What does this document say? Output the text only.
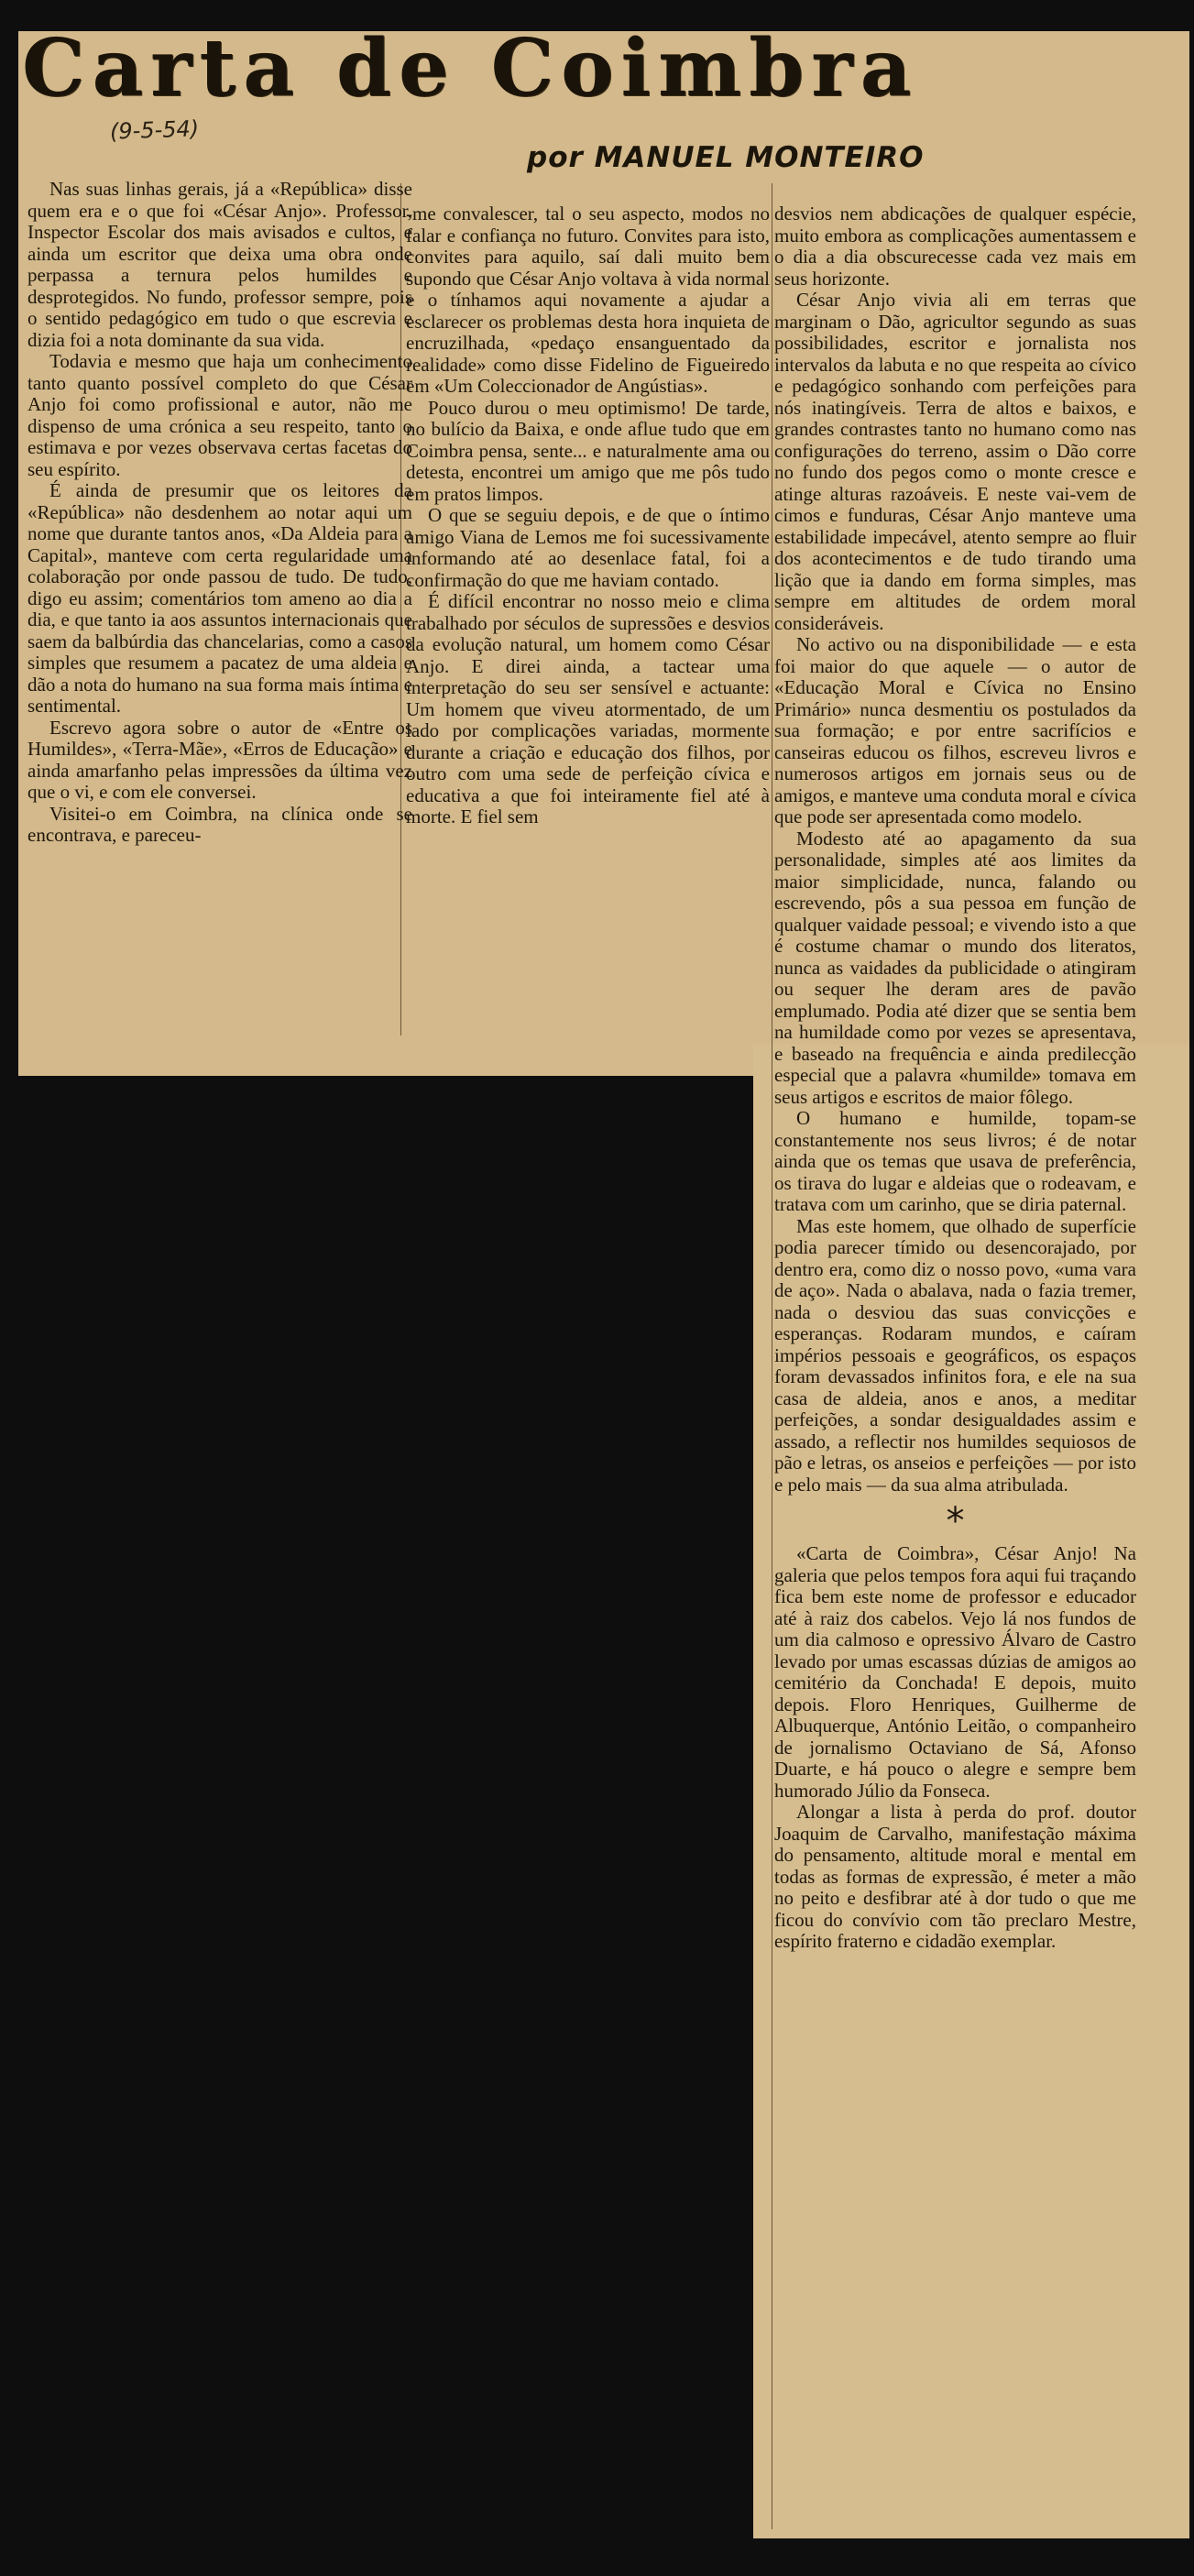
Carta de Coimbra
(9-5-54)
por MANUEL MONTEIRO

Nas suas linhas gerais, já a «República» disse quem era e o que foi «César Anjo». Professor, Inspector Escolar dos mais avisados e cultos, e ainda um escritor que deixa uma obra onde perpassa a ternura pelos humildes e desprotegidos. No fundo, professor sempre, pois o sentido pedagógico em tudo o que escrevia e dizia foi a nota dominante da sua vida.

Todavia e mesmo que haja um conhecimento tanto quanto possível completo do que César Anjo foi como profissional e autor, não me dispenso de uma crónica a seu respeito, tanto o estimava e por vezes observava certas facetas do seu espírito.

É ainda de presumir que os leitores da «República» não desdenhem ao notar aqui um nome que durante tantos anos, «Da Aldeia para a Capital», manteve com certa regularidade uma colaboração por onde passou de tudo. De tudo, digo eu assim; comentários tom ameno ao dia a dia, e que tanto ia aos assuntos internacionais que saem da balbúrdia das chancelarias, como a casos simples que resumem a pacatez de uma aldeia e dão a nota do humano na sua forma mais íntima e sentimental.

Escrevo agora sobre o autor de «Entre os Humildes», «Terra-Mãe», «Erros de Educação» e ainda amarfanho pelas impressões da última vez que o vi, e com ele conversei.

Visitei-o em Coimbra, na clínica onde se encontrava, e pareceu-

-me convalescer, tal o seu aspecto, modos no falar e confiança no futuro. Convites para isto, convites para aquilo, saí dali muito bem supondo que César Anjo voltava à vida normal e o tínhamos aqui novamente a ajudar a esclarecer os problemas desta hora inquieta de encruzilhada, «pedaço ensanguentado da realidade» como disse Fidelino de Figueiredo em «Um Coleccionador de Angústias».

Pouco durou o meu optimismo! De tarde, no bulício da Baixa, e onde aflue tudo que em Coimbra pensa, sente... e naturalmente ama ou detesta, encontrei um amigo que me pôs tudo em pratos limpos.

O que se seguiu depois, e de que o íntimo amigo Viana de Lemos me foi sucessivamente informando até ao desenlace fatal, foi a confirmação do que me haviam contado.

É difícil encontrar no nosso meio e clima trabalhado por séculos de supressões e desvios da evolução natural, um homem como César Anjo. E direi ainda, a tactear uma interpretação do seu ser sensível e actuante: Um homem que viveu atormentado, de um lado por complicações variadas, mormente durante a criação e educação dos filhos, por outro com uma sede de perfeição cívica e educativa a que foi inteiramente fiel até à morte. E fiel sem

desvios nem abdicações de qualquer espécie, muito embora as complicações aumentassem e o dia a dia obscurecesse cada vez mais em seus horizonte.

César Anjo vivia ali em terras que marginam o Dão, agricultor segundo as suas possibilidades, escritor e jornalista nos intervalos da labuta e no que respeita ao cívico e pedagógico sonhando com perfeições para nós inatingíveis. Terra de altos e baixos, e grandes contrastes tanto no humano como nas configurações do terreno, assim o Dão corre no fundo dos pegos como o monte cresce e atinge alturas razoáveis. E neste vai-vem de cimos e funduras, César Anjo manteve uma estabilidade impecável, atento sempre ao fluir dos acontecimentos e de tudo tirando uma lição que ia dando em forma simples, mas sempre em altitudes de ordem moral consideráveis.

No activo ou na disponibilidade — e esta foi maior do que aquele — o autor de «Educação Moral e Cívica no Ensino Primário» nunca desmentiu os postulados da sua formação; e por entre sacrifícios e canseiras educou os filhos, escreveu livros e numerosos artigos em jornais seus ou de amigos, e manteve uma conduta moral e cívica que pode ser apresentada como modelo.

Modesto até ao apagamento da sua personalidade, simples até aos limites da maior simplicidade, nunca, falando ou escrevendo, pôs a sua pessoa em função de qualquer vaidade pessoal; e vivendo isto a que é costume chamar o mundo dos literatos, nunca as vaidades da publicidade o atingiram ou sequer lhe deram ares de pavão emplumado. Podia até dizer que se sentia bem na humildade como por vezes se apresentava, e baseado na frequência e ainda predilecção especial que a palavra «humilde» tomava em seus artigos e escritos de maior fôlego.

O humano e humilde, topam-se constantemente nos seus livros; é de notar ainda que os temas que usava de preferência, os tirava do lugar e aldeias que o rodeavam, e tratava com um carinho, que se diria paternal.

Mas este homem, que olhado de superfície podia parecer tímido ou desencorajado, por dentro era, como diz o nosso povo, «uma vara de aço». Nada o abalava, nada o fazia tremer, nada o desviou das suas convicções e esperanças. Rodaram mundos, e caíram impérios pessoais e geográficos, os espaços foram devassados infinitos fora, e ele na sua casa de aldeia, anos e anos, a meditar perfeições, a sondar desigualdades assim e assado, a reflectir nos humildes sequiosos de pão e letras, os anseios e perfeições — por isto e pelo mais — da sua alma atribulada.

*

«Carta de Coimbra», César Anjo! Na galeria que pelos tempos fora aqui fui traçando fica bem este nome de professor e educador até à raiz dos cabelos. Vejo lá nos fundos de um dia calmoso e opressivo Álvaro de Castro levado por umas escassas dúzias de amigos ao cemitério da Conchada! E depois, muito depois. Floro Henriques, Guilherme de Albuquerque, António Leitão, o companheiro de jornalismo Octaviano de Sá, Afonso Duarte, e há pouco o alegre e sempre bem humorado Júlio da Fonseca.

Alongar a lista à perda do prof. doutor Joaquim de Carvalho, manifestação máxima do pensamento, altitude moral e mental em todas as formas de expressão, é meter a mão no peito e desfibrar até à dor tudo o que me ficou do convívio com tão preclaro Mestre, espírito fraterno e cidadão exemplar.
